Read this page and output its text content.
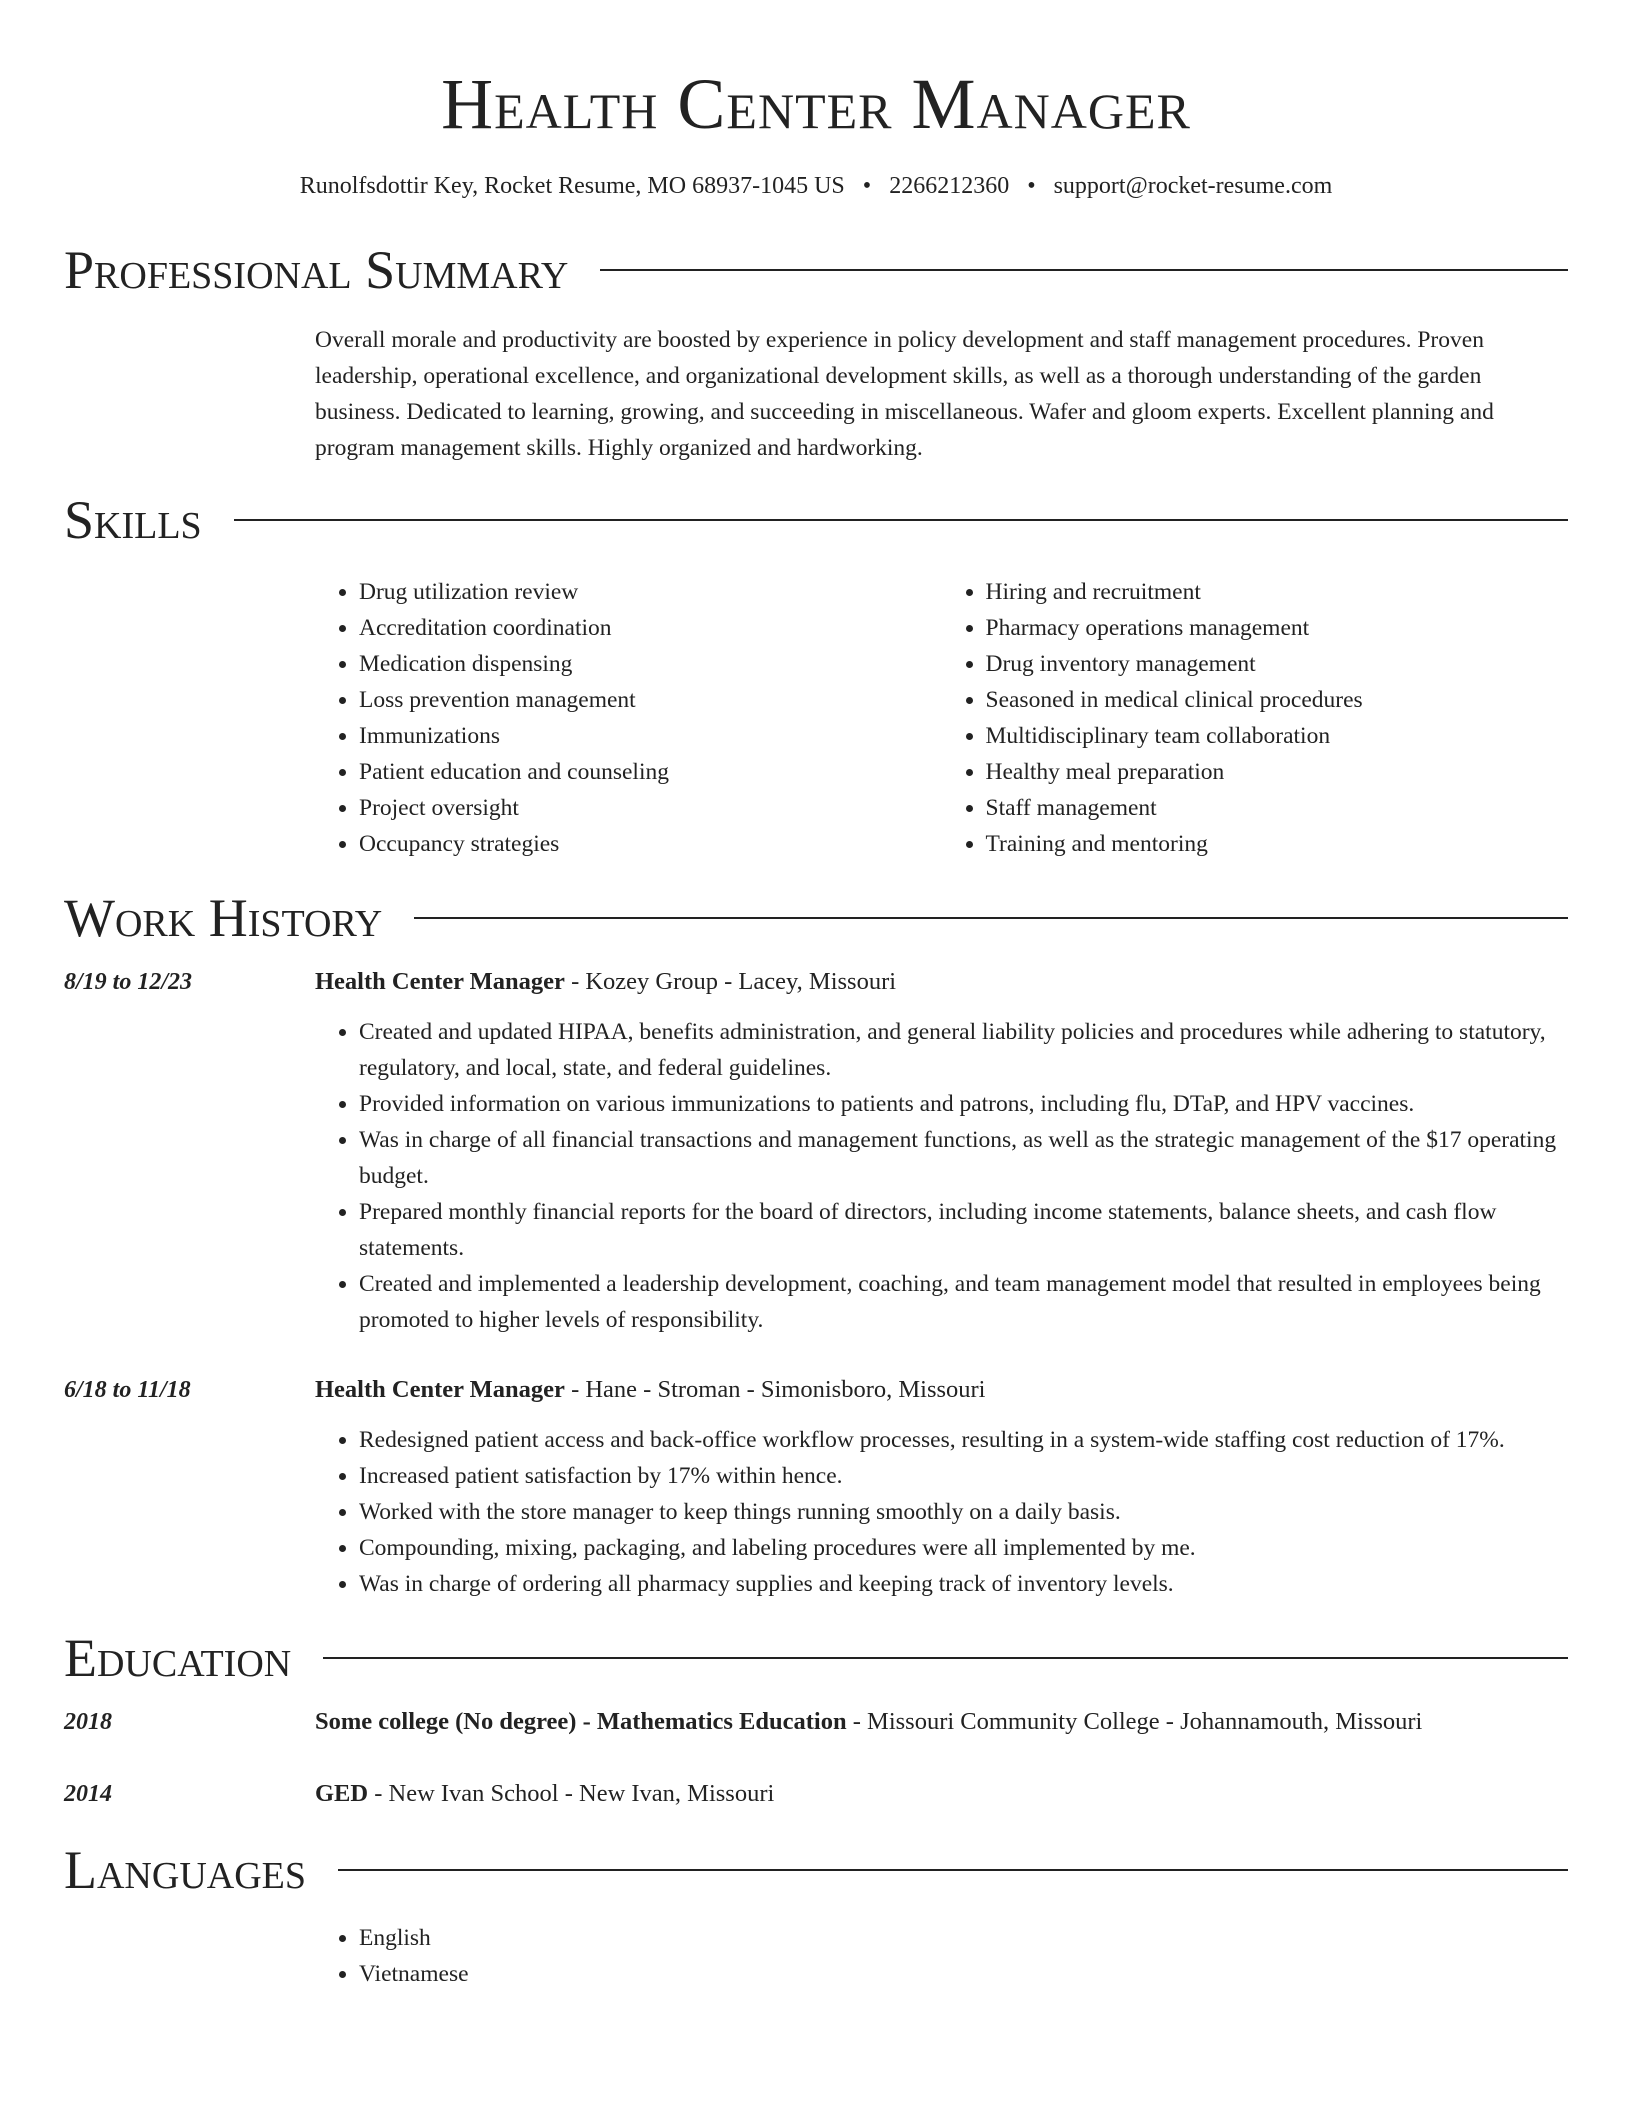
Health Center Manager
Runolfsdottir Key, Rocket Resume, MO 68937-1045 US • 2266212360 • support@rocket-resume.com
Professional Summary
Overall morale and productivity are boosted by experience in policy development and staff management procedures. Proven leadership, operational excellence, and organizational development skills, as well as a thorough understanding of the garden business. Dedicated to learning, growing, and succeeding in miscellaneous. Wafer and gloom experts. Excellent planning and program management skills. Highly organized and hardworking.
Skills
• Drug utilization review
• Accreditation coordination
• Medication dispensing
• Loss prevention management
• Immunizations
• Patient education and counseling
• Project oversight
• Occupancy strategies
• Hiring and recruitment
• Pharmacy operations management
• Drug inventory management
• Seasoned in medical clinical procedures
• Multidisciplinary team collaboration
• Healthy meal preparation
• Staff management
• Training and mentoring
Work History
8/19 to 12/23	Health Center Manager - Kozey Group - Lacey, Missouri
• Created and updated HIPAA, benefits administration, and general liability policies and procedures while adhering to statutory, regulatory, and local, state, and federal guidelines.
• Provided information on various immunizations to patients and patrons, including flu, DTaP, and HPV vaccines.
• Was in charge of all financial transactions and management functions, as well as the strategic management of the $17 operating budget.
• Prepared monthly financial reports for the board of directors, including income statements, balance sheets, and cash flow statements.
• Created and implemented a leadership development, coaching, and team management model that resulted in employees being promoted to higher levels of responsibility.
6/18 to 11/18	Health Center Manager - Hane - Stroman - Simonisboro, Missouri
• Redesigned patient access and back-office workflow processes, resulting in a system-wide staffing cost reduction of 17%.
• Increased patient satisfaction by 17% within hence.
• Worked with the store manager to keep things running smoothly on a daily basis.
• Compounding, mixing, packaging, and labeling procedures were all implemented by me.
• Was in charge of ordering all pharmacy supplies and keeping track of inventory levels.
Education
2018	Some college (No degree) - Mathematics Education - Missouri Community College - Johannamouth, Missouri
2014	GED - New Ivan School - New Ivan, Missouri
Languages
• English
• Vietnamese
